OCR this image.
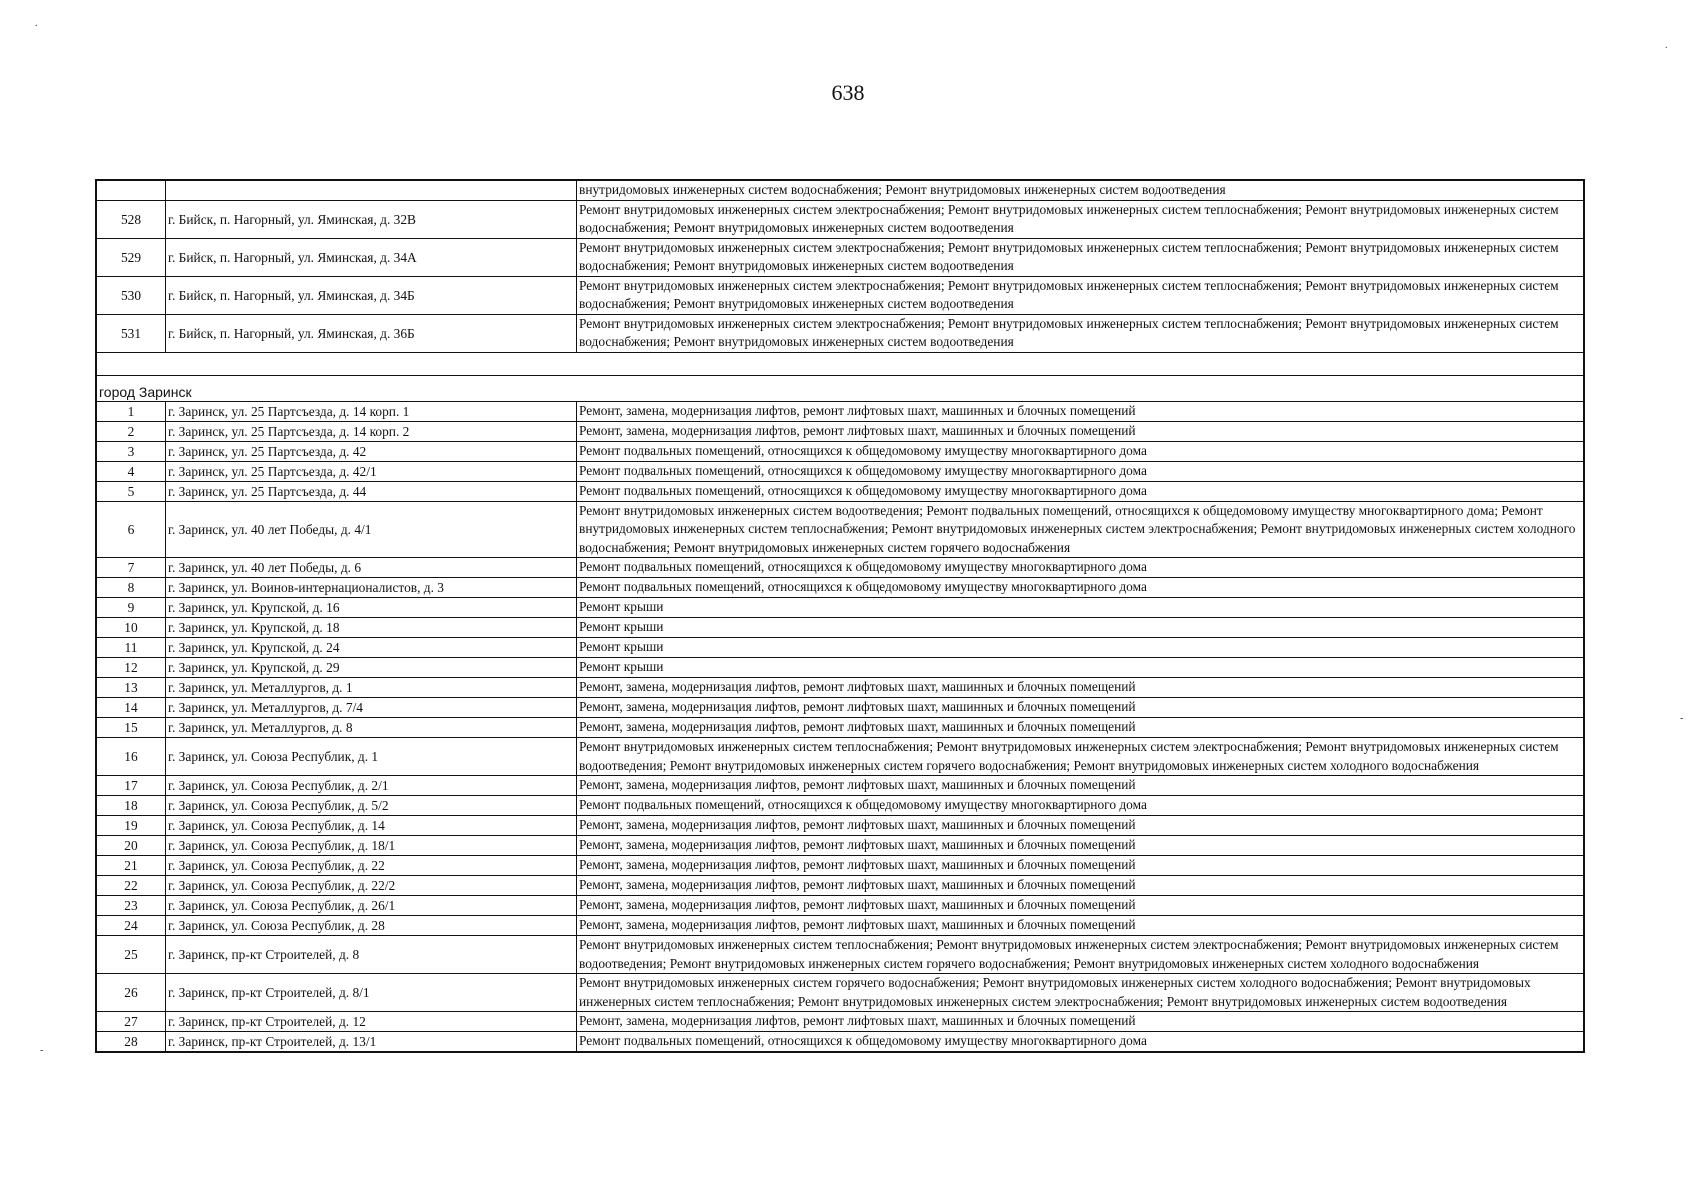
638
		внутридомовых инженерных систем водоснабжения; Ремонт внутридомовых инженерных систем водоотведения
528	г. Бийск, п. Нагорный, ул. Яминская, д. 32В	Ремонт внутридомовых инженерных систем электроснабжения; Ремонт внутридомовых инженерных систем теплоснабжения; Ремонт внутридомовых инженерных систем водоснабжения; Ремонт внутридомовых инженерных систем водоотведения
529	г. Бийск, п. Нагорный, ул. Яминская, д. 34А	Ремонт внутридомовых инженерных систем электроснабжения; Ремонт внутридомовых инженерных систем теплоснабжения; Ремонт внутридомовых инженерных систем водоснабжения; Ремонт внутридомовых инженерных систем водоотведения
530	г. Бийск, п. Нагорный, ул. Яминская, д. 34Б	Ремонт внутридомовых инженерных систем электроснабжения; Ремонт внутридомовых инженерных систем теплоснабжения; Ремонт внутридомовых инженерных систем водоснабжения; Ремонт внутридомовых инженерных систем водоотведения
531	г. Бийск, п. Нагорный, ул. Яминская, д. 36Б	Ремонт внутридомовых инженерных систем электроснабжения; Ремонт внутридомовых инженерных систем теплоснабжения; Ремонт внутридомовых инженерных систем водоснабжения; Ремонт внутридомовых инженерных систем водоотведения

город Заринск		
1	г. Заринск, ул. 25 Партсъезда, д. 14 корп. 1	Ремонт, замена, модернизация лифтов, ремонт лифтовых шахт, машинных и блочных помещений
2	г. Заринск, ул. 25 Партсъезда, д. 14 корп. 2	Ремонт, замена, модернизация лифтов, ремонт лифтовых шахт, машинных и блочных помещений
3	г. Заринск, ул. 25 Партсъезда, д. 42	Ремонт подвальных помещений, относящихся к общедомовому имуществу многоквартирного дома
4	г. Заринск, ул. 25 Партсъезда, д. 42/1	Ремонт подвальных помещений, относящихся к общедомовому имуществу многоквартирного дома
5	г. Заринск, ул. 25 Партсъезда, д. 44	Ремонт подвальных помещений, относящихся к общедомовому имуществу многоквартирного дома
6	г. Заринск, ул. 40 лет Победы, д. 4/1	Ремонт внутридомовых инженерных систем водоотведения; Ремонт подвальных помещений, относящихся к общедомовому имуществу многоквартирного дома; Ремонт внутридомовых инженерных систем теплоснабжения; Ремонт внутридомовых инженерных систем электроснабжения; Ремонт внутридомовых инженерных систем холодного водоснабжения; Ремонт внутридомовых инженерных систем горячего водоснабжения
7	г. Заринск, ул. 40 лет Победы, д. 6	Ремонт подвальных помещений, относящихся к общедомовому имуществу многоквартирного дома
8	г. Заринск, ул. Воинов-интернационалистов, д. 3	Ремонт подвальных помещений, относящихся к общедомовому имуществу многоквартирного дома
9	г. Заринск, ул. Крупской, д. 16	Ремонт крыши
10	г. Заринск, ул. Крупской, д. 18	Ремонт крыши
11	г. Заринск, ул. Крупской, д. 24	Ремонт крыши
12	г. Заринск, ул. Крупской, д. 29	Ремонт крыши
13	г. Заринск, ул. Металлургов, д. 1	Ремонт, замена, модернизация лифтов, ремонт лифтовых шахт, машинных и блочных помещений
14	г. Заринск, ул. Металлургов, д. 7/4	Ремонт, замена, модернизация лифтов, ремонт лифтовых шахт, машинных и блочных помещений
15	г. Заринск, ул. Металлургов, д. 8	Ремонт, замена, модернизация лифтов, ремонт лифтовых шахт, машинных и блочных помещений
16	г. Заринск, ул. Союза Республик, д. 1	Ремонт внутридомовых инженерных систем теплоснабжения; Ремонт внутридомовых инженерных систем электроснабжения; Ремонт внутридомовых инженерных систем водоотведения; Ремонт внутридомовых инженерных систем горячего водоснабжения; Ремонт внутридомовых инженерных систем холодного водоснабжения
17	г. Заринск, ул. Союза Республик, д. 2/1	Ремонт, замена, модернизация лифтов, ремонт лифтовых шахт, машинных и блочных помещений
18	г. Заринск, ул. Союза Республик, д. 5/2	Ремонт подвальных помещений, относящихся к общедомовому имуществу многоквартирного дома
19	г. Заринск, ул. Союза Республик, д. 14	Ремонт, замена, модернизация лифтов, ремонт лифтовых шахт, машинных и блочных помещений
20	г. Заринск, ул. Союза Республик, д. 18/1	Ремонт, замена, модернизация лифтов, ремонт лифтовых шахт, машинных и блочных помещений
21	г. Заринск, ул. Союза Республик, д. 22	Ремонт, замена, модернизация лифтов, ремонт лифтовых шахт, машинных и блочных помещений
22	г. Заринск, ул. Союза Республик, д. 22/2	Ремонт, замена, модернизация лифтов, ремонт лифтовых шахт, машинных и блочных помещений
23	г. Заринск, ул. Союза Республик, д. 26/1	Ремонт, замена, модернизация лифтов, ремонт лифтовых шахт, машинных и блочных помещений
24	г. Заринск, ул. Союза Республик, д. 28	Ремонт, замена, модернизация лифтов, ремонт лифтовых шахт, машинных и блочных помещений
25	г. Заринск, пр-кт Строителей, д. 8	Ремонт внутридомовых инженерных систем теплоснабжения; Ремонт внутридомовых инженерных систем электроснабжения; Ремонт внутридомовых инженерных систем водоотведения; Ремонт внутридомовых инженерных систем горячего водоснабжения; Ремонт внутридомовых инженерных систем холодного водоснабжения
26	г. Заринск, пр-кт Строителей, д. 8/1	Ремонт внутридомовых инженерных систем горячего водоснабжения; Ремонт внутридомовых инженерных систем холодного водоснабжения; Ремонт внутридомовых инженерных систем теплоснабжения; Ремонт внутридомовых инженерных систем электроснабжения; Ремонт внутридомовых инженерных систем водоотведения
27	г. Заринск, пр-кт Строителей, д. 12	Ремонт, замена, модернизация лифтов, ремонт лифтовых шахт, машинных и блочных помещений
28	г. Заринск, пр-кт Строителей, д. 13/1	Ремонт подвальных помещений, относящихся к общедомовому имуществу многоквартирного дома
.
.
-
-
